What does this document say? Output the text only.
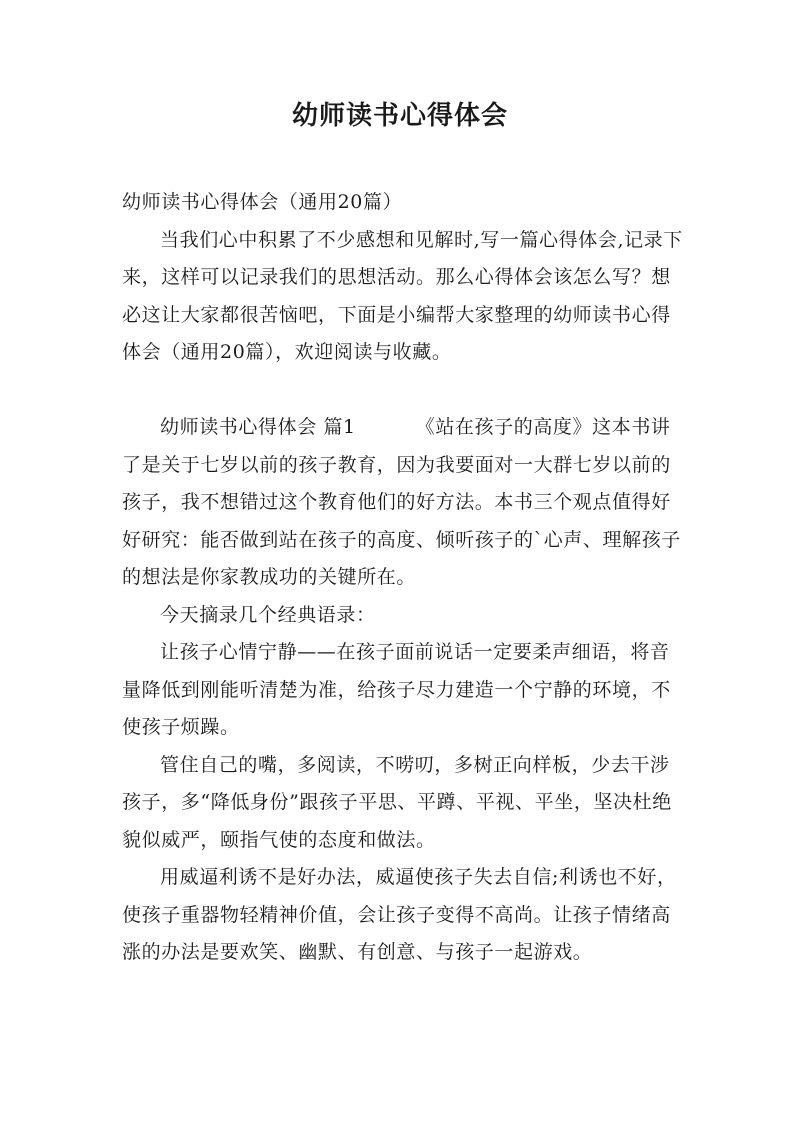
幼师读书心得体会

幼师读书心得体会（通用20篇）

当我们心中积累了不少感想和见解时,写一篇心得体会,记录下来，这样可以记录我们的思想活动。那么心得体会该怎么写？想必这让大家都很苦恼吧，下面是小编帮大家整理的幼师读书心得体会（通用20篇），欢迎阅读与收藏。

幼师读书心得体会 篇1	《站在孩子的高度》这本书讲了是关于七岁以前的孩子教育，因为我要面对一大群七岁以前的孩子，我不想错过这个教育他们的好方法。本书三个观点值得好好研究：能否做到站在孩子的高度、倾听孩子的`心声、理解孩子的想法是你家教成功的关键所在。

今天摘录几个经典语录：

让孩子心情宁静——在孩子面前说话一定要柔声细语，将音量降低到刚能听清楚为准，给孩子尽力建造一个宁静的环境，不使孩子烦躁。

管住自己的嘴，多阅读，不唠叨，多树正向样板，少去干涉孩子，多“降低身份”跟孩子平思、平蹲、平视、平坐，坚决杜绝貌似威严，颐指气使的态度和做法。

用威逼利诱不是好办法，威逼使孩子失去自信;利诱也不好，使孩子重器物轻精神价值，会让孩子变得不高尚。让孩子情绪高涨的办法是要欢笑、幽默、有创意、与孩子一起游戏。
